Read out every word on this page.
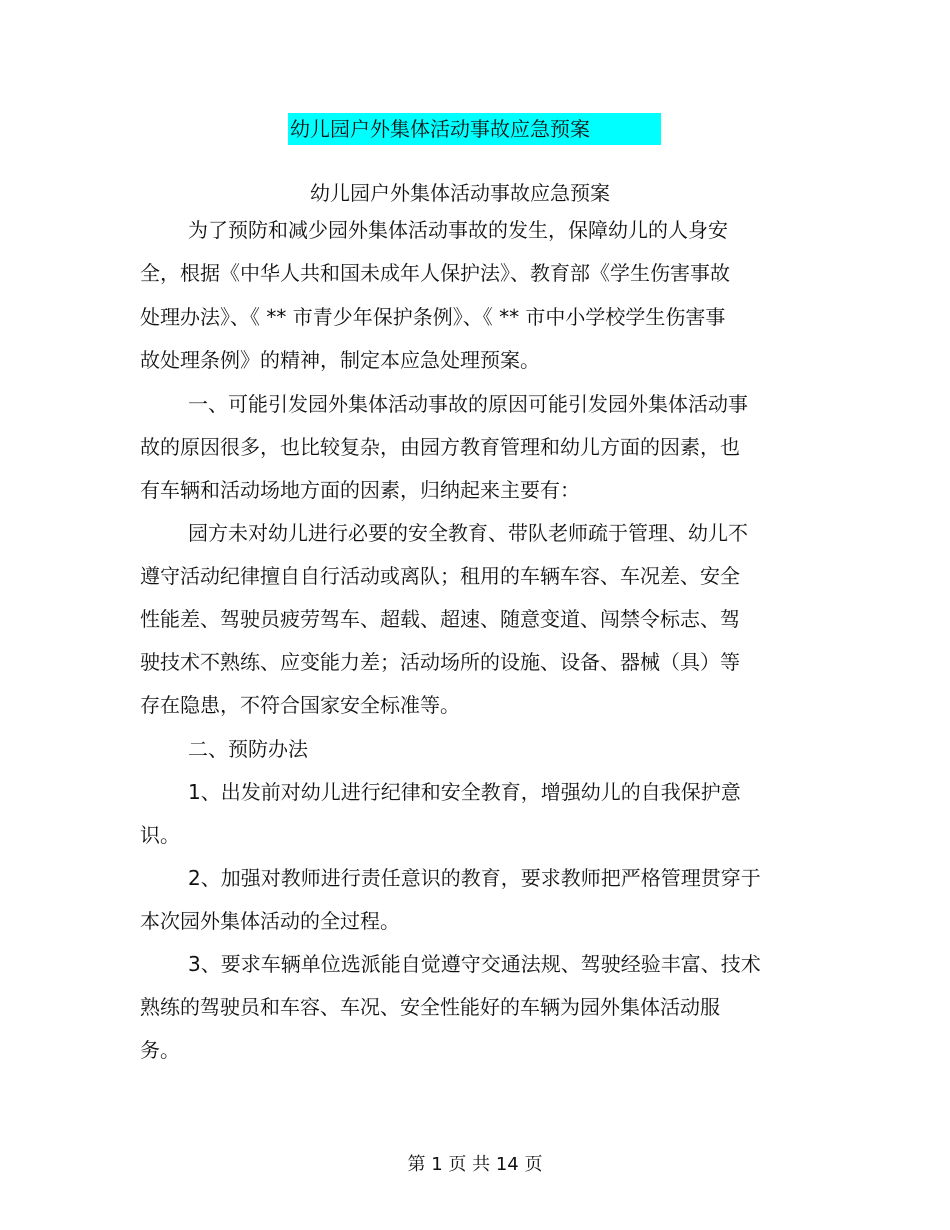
幼儿园户外集体活动事故应急预案
幼儿园户外集体活动事故应急预案
为了预防和减少园外集体活动事故的发生，保障幼儿的人身安
全，根据《中华人共和国未成年人保护法》、教育部《学生伤害事故
处理办法》、《 ** 市青少年保护条例》、《 ** 市中小学校学生伤害事
故处理条例》的精神，制定本应急处理预案。
一、可能引发园外集体活动事故的原因可能引发园外集体活动事
故的原因很多，也比较复杂，由园方教育管理和幼儿方面的因素，也
有车辆和活动场地方面的因素，归纳起来主要有：
园方未对幼儿进行必要的安全教育、带队老师疏于管理、幼儿不
遵守活动纪律擅自自行活动或离队；租用的车辆车容、车况差、安全
性能差、驾驶员疲劳驾车、超载、超速、随意变道、闯禁令标志、驾
驶技术不熟练、应变能力差；活动场所的设施、设备、器械（具）等
存在隐患，不符合国家安全标准等。
二、预防办法
1、出发前对幼儿进行纪律和安全教育，增强幼儿的自我保护意
识。
2、加强对教师进行责任意识的教育，要求教师把严格管理贯穿于
本次园外集体活动的全过程。
3、要求车辆单位选派能自觉遵守交通法规、驾驶经验丰富、技术
熟练的驾驶员和车容、车况、安全性能好的车辆为园外集体活动服
务。
第 1 页 共 14 页
